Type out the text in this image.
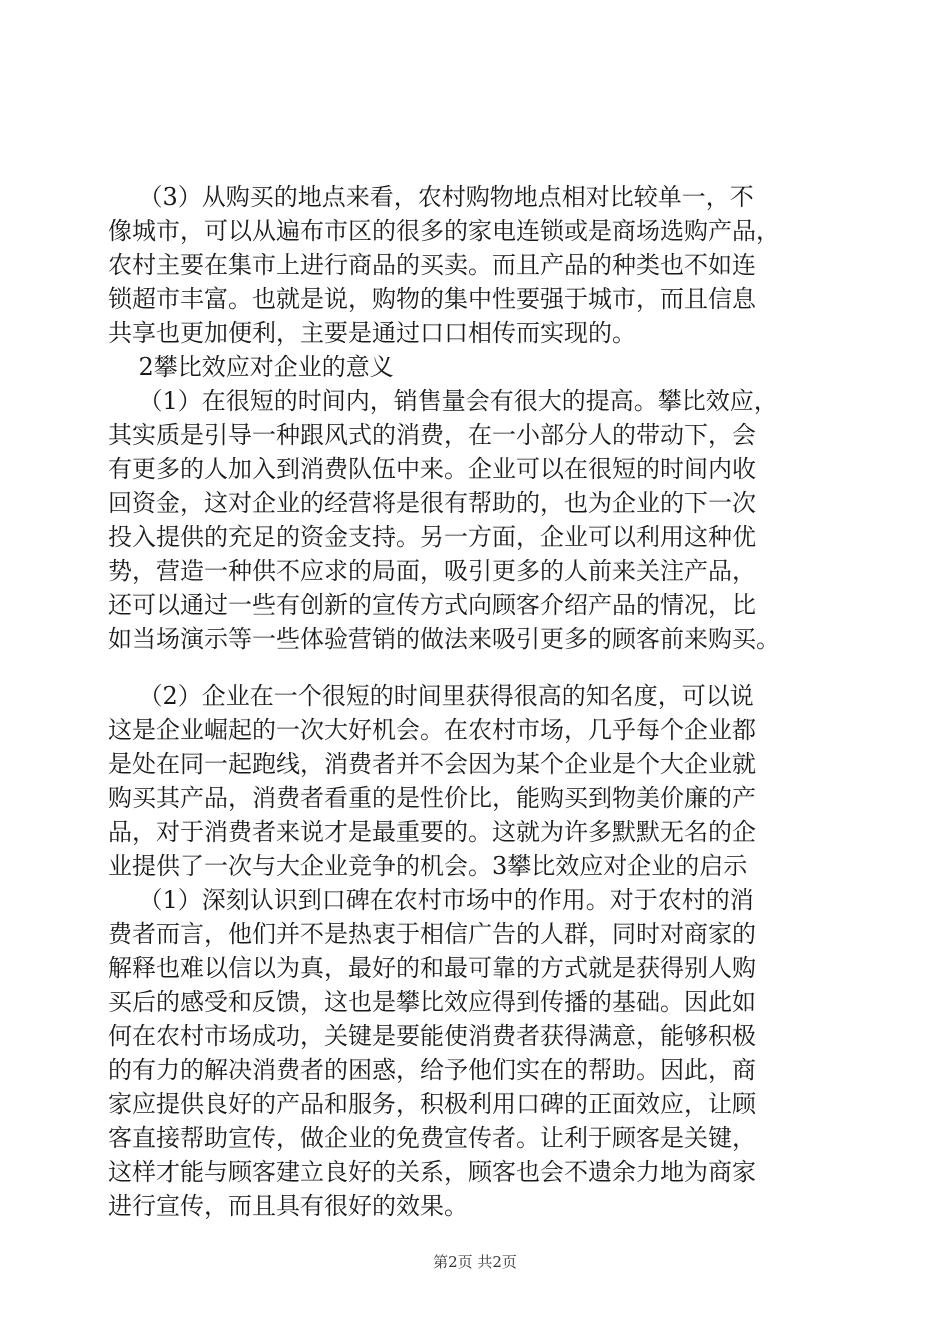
（3）从购买的地点来看，农村购物地点相对比较单一，不
像城市，可以从遍布市区的很多的家电连锁或是商场选购产品，
农村主要在集市上进行商品的买卖。而且产品的种类也不如连
锁超市丰富。也就是说，购物的集中性要强于城市，而且信息
共享也更加便利，主要是通过口口相传而实现的。
2攀比效应对企业的意义
（1）在很短的时间内，销售量会有很大的提高。攀比效应，
其实质是引导一种跟风式的消费，在一小部分人的带动下，会
有更多的人加入到消费队伍中来。企业可以在很短的时间内收
回资金，这对企业的经营将是很有帮助的，也为企业的下一次
投入提供的充足的资金支持。另一方面，企业可以利用这种优
势，营造一种供不应求的局面，吸引更多的人前来关注产品，
还可以通过一些有创新的宣传方式向顾客介绍产品的情况，比
如当场演示等一些体验营销的做法来吸引更多的顾客前来购买。
（2）企业在一个很短的时间里获得很高的知名度，可以说
这是企业崛起的一次大好机会。在农村市场，几乎每个企业都
是处在同一起跑线，消费者并不会因为某个企业是个大企业就
购买其产品，消费者看重的是性价比，能购买到物美价廉的产
品，对于消费者来说才是最重要的。这就为许多默默无名的企
业提供了一次与大企业竞争的机会。3攀比效应对企业的启示
（1）深刻认识到口碑在农村市场中的作用。对于农村的消
费者而言，他们并不是热衷于相信广告的人群，同时对商家的
解释也难以信以为真，最好的和最可靠的方式就是获得别人购
买后的感受和反馈，这也是攀比效应得到传播的基础。因此如
何在农村市场成功，关键是要能使消费者获得满意，能够积极
的有力的解决消费者的困惑，给予他们实在的帮助。因此，商
家应提供良好的产品和服务，积极利用口碑的正面效应，让顾
客直接帮助宣传，做企业的免费宣传者。让利于顾客是关键，
这样才能与顾客建立良好的关系，顾客也会不遗余力地为商家
进行宣传，而且具有很好的效果。
第2页 共2页
